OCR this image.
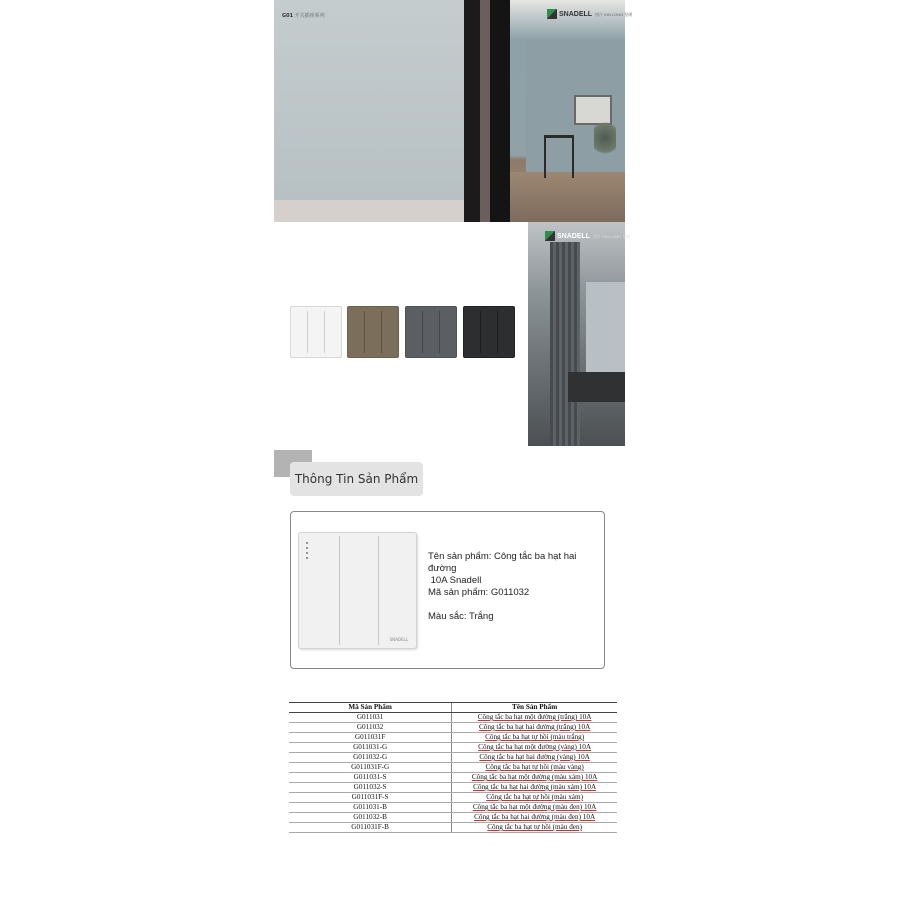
G01 开关插座系列	SNADELL 图片 KIN LONG 坚朗
SNADELL 图片 KIN LONG 坚朗
Thông Tin Sản Phẩm
SNADELL
Tên sản phẩm: Công tắc ba hạt hai đường
10A Snadell
Mã sản phẩm: G011032
Màu sắc: Trắng
Mã Sản Phẩm	Tên Sản Phẩm
G011031	Công tắc ba hạt một đường (trắng) 10A
G011032	Công tắc ba hạt hai đường (trắng) 10A
G011031F	Công tắc ba hạt tự hồi (màu trắng)
G011031-G	Công tắc ba hạt một đường (vàng) 10A
G011032-G	Công tắc ba hạt hai đường (vàng) 10A
G011031F-G	Công tắc ba hạt tự hồi (màu vàng)
G011031-S	Công tắc ba hạt một đường (màu xám) 10A
G011032-S	Công tắc ba hạt hai đường (màu xám) 10A
G011031F-S	Công tắc ba hạt tự hồi (màu xám)
G011031-B	Công tắc ba hạt một đường (màu đen) 10A
G011032-B	Công tắc ba hạt hai đường (màu đen) 10A
G011031F-B	Công tắc ba hạt tự hồi (màu đen)
